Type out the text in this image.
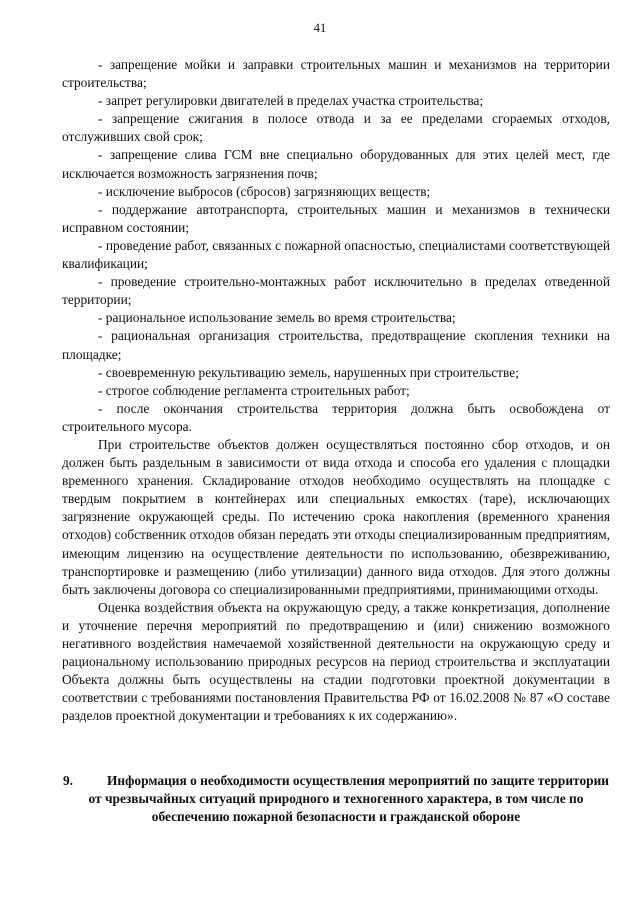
41

- запрещение мойки и заправки строительных машин и механизмов на территории строительства;

- запрет регулировки двигателей в пределах участка строительства;

- запрещение сжигания в полосе отвода и за ее пределами сгораемых отходов, отслуживших свой срок;

- запрещение слива ГСМ вне специально оборудованных для этих целей мест, где исключается возможность загрязнения почв;

- исключение выбросов (сбросов) загрязняющих веществ;

- поддержание автотранспорта, строительных машин и механизмов в технически исправном состоянии;

- проведение работ, связанных с пожарной опасностью, специалистами соответствующей квалификации;

- проведение строительно-монтажных работ исключительно в пределах отведенной территории;

- рациональное использование земель во время строительства;

- рациональная организация строительства, предотвращение скопления техники на площадке;

- своевременную рекультивацию земель, нарушенных при строительстве;

- строгое соблюдение регламента строительных работ;

- после окончания строительства территория должна быть освобождена от строительного мусора.

При строительстве объектов должен осуществляться постоянно сбор отходов, и он должен быть раздельным в зависимости от вида отхода и способа его удаления с площадки временного хранения. Складирование отходов необходимо осуществлять на площадке с твердым покрытием в контейнерах или специальных емкостях (таре), исключающих загрязнение окружающей среды. По истечению срока накопления (временного хранения отходов) собственник отходов обязан передать эти отходы специализированным предприятиям, имеющим лицензию на осуществление деятельности по использованию, обезвреживанию, транспортировке и размещению (либо утилизации) данного вида отходов. Для этого должны быть заключены договора со специализированными предприятиями, принимающими отходы.

Оценка воздействия объекта на окружающую среду, а также конкретизация, дополнение и уточнение перечня мероприятий по предотвращению и (или) снижению возможного негативного воздействия намечаемой хозяйственной деятельности на окружающую среду и рациональному использованию природных ресурсов на период строительства и эксплуатации Объекта должны быть осуществлены на стадии подготовки проектной документации в соответствии с требованиями постановления Правительства РФ от 16.02.2008 № 87 «О составе разделов проектной документации и требованиях к их содержанию».

9.	Информация о необходимости осуществления мероприятий по защите территории от чрезвычайных ситуаций природного и техногенного характера, в том числе по обеспечению пожарной безопасности и гражданской обороне
